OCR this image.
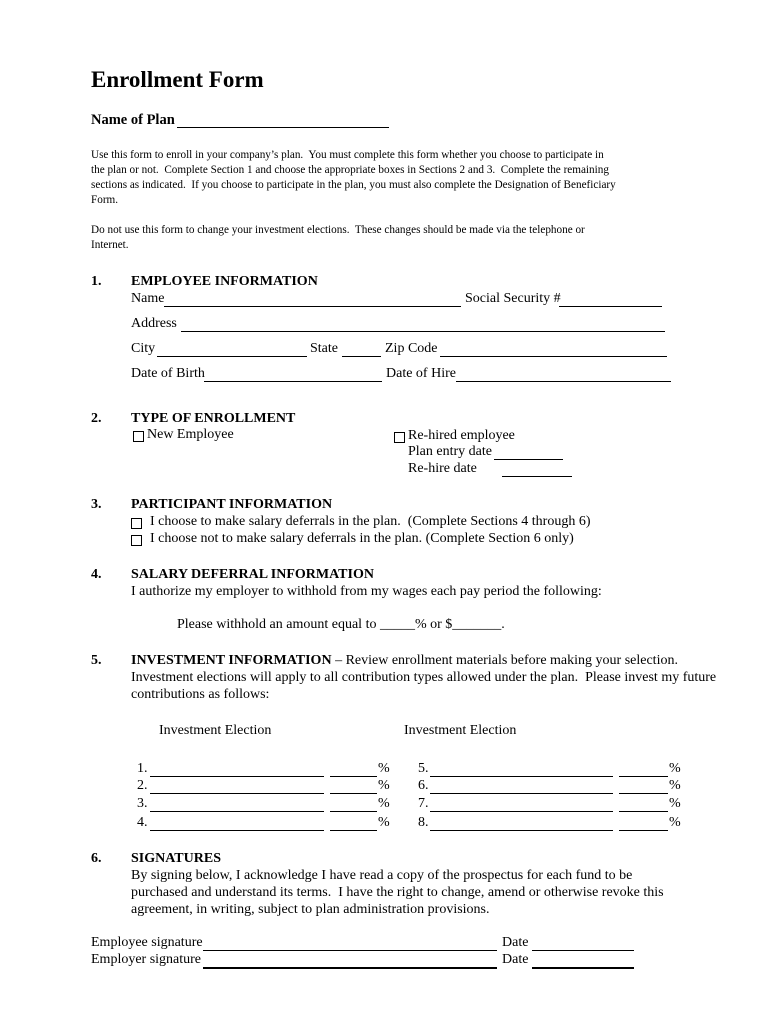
Enrollment Form
Name of Plan
Use this form to enroll in your company’s plan.  You must complete this form whether you choose to participate in
the plan or not.  Complete Section 1 and choose the appropriate boxes in Sections 2 and 3.  Complete the remaining
sections as indicated.  If you choose to participate in the plan, you must also complete the Designation of Beneficiary
Form.
Do not use this form to change your investment elections.  These changes should be made via the telephone or
Internet.
1. EMPLOYEE INFORMATION
Name	Social Security #
Address
City	State	Zip Code
Date of Birth	Date of Hire
2. TYPE OF ENROLLMENT
New Employee	Re-hired employee
Plan entry date
Re-hire date
3. PARTICIPANT INFORMATION
I choose to make salary deferrals in the plan.  (Complete Sections 4 through 6)
I choose not to make salary deferrals in the plan. (Complete Section 6 only)
4. SALARY DEFERRAL INFORMATION
I authorize my employer to withhold from my wages each pay period the following:
Please withhold an amount equal to _____% or $_______.
5. INVESTMENT INFORMATION – Review enrollment materials before making your selection.
Investment elections will apply to all contribution types allowed under the plan.  Please invest my future
contributions as follows:
Investment Election	Investment Election
1.	%
2.	%
3.	%
4.	%
5.	%
6.	%
7.	%
8.	%
6. SIGNATURES
By signing below, I acknowledge I have read a copy of the prospectus for each fund to be
purchased and understand its terms.  I have the right to change, amend or otherwise revoke this
agreement, in writing, subject to plan administration provisions.
Employee signature	Date
Employer signature	Date
